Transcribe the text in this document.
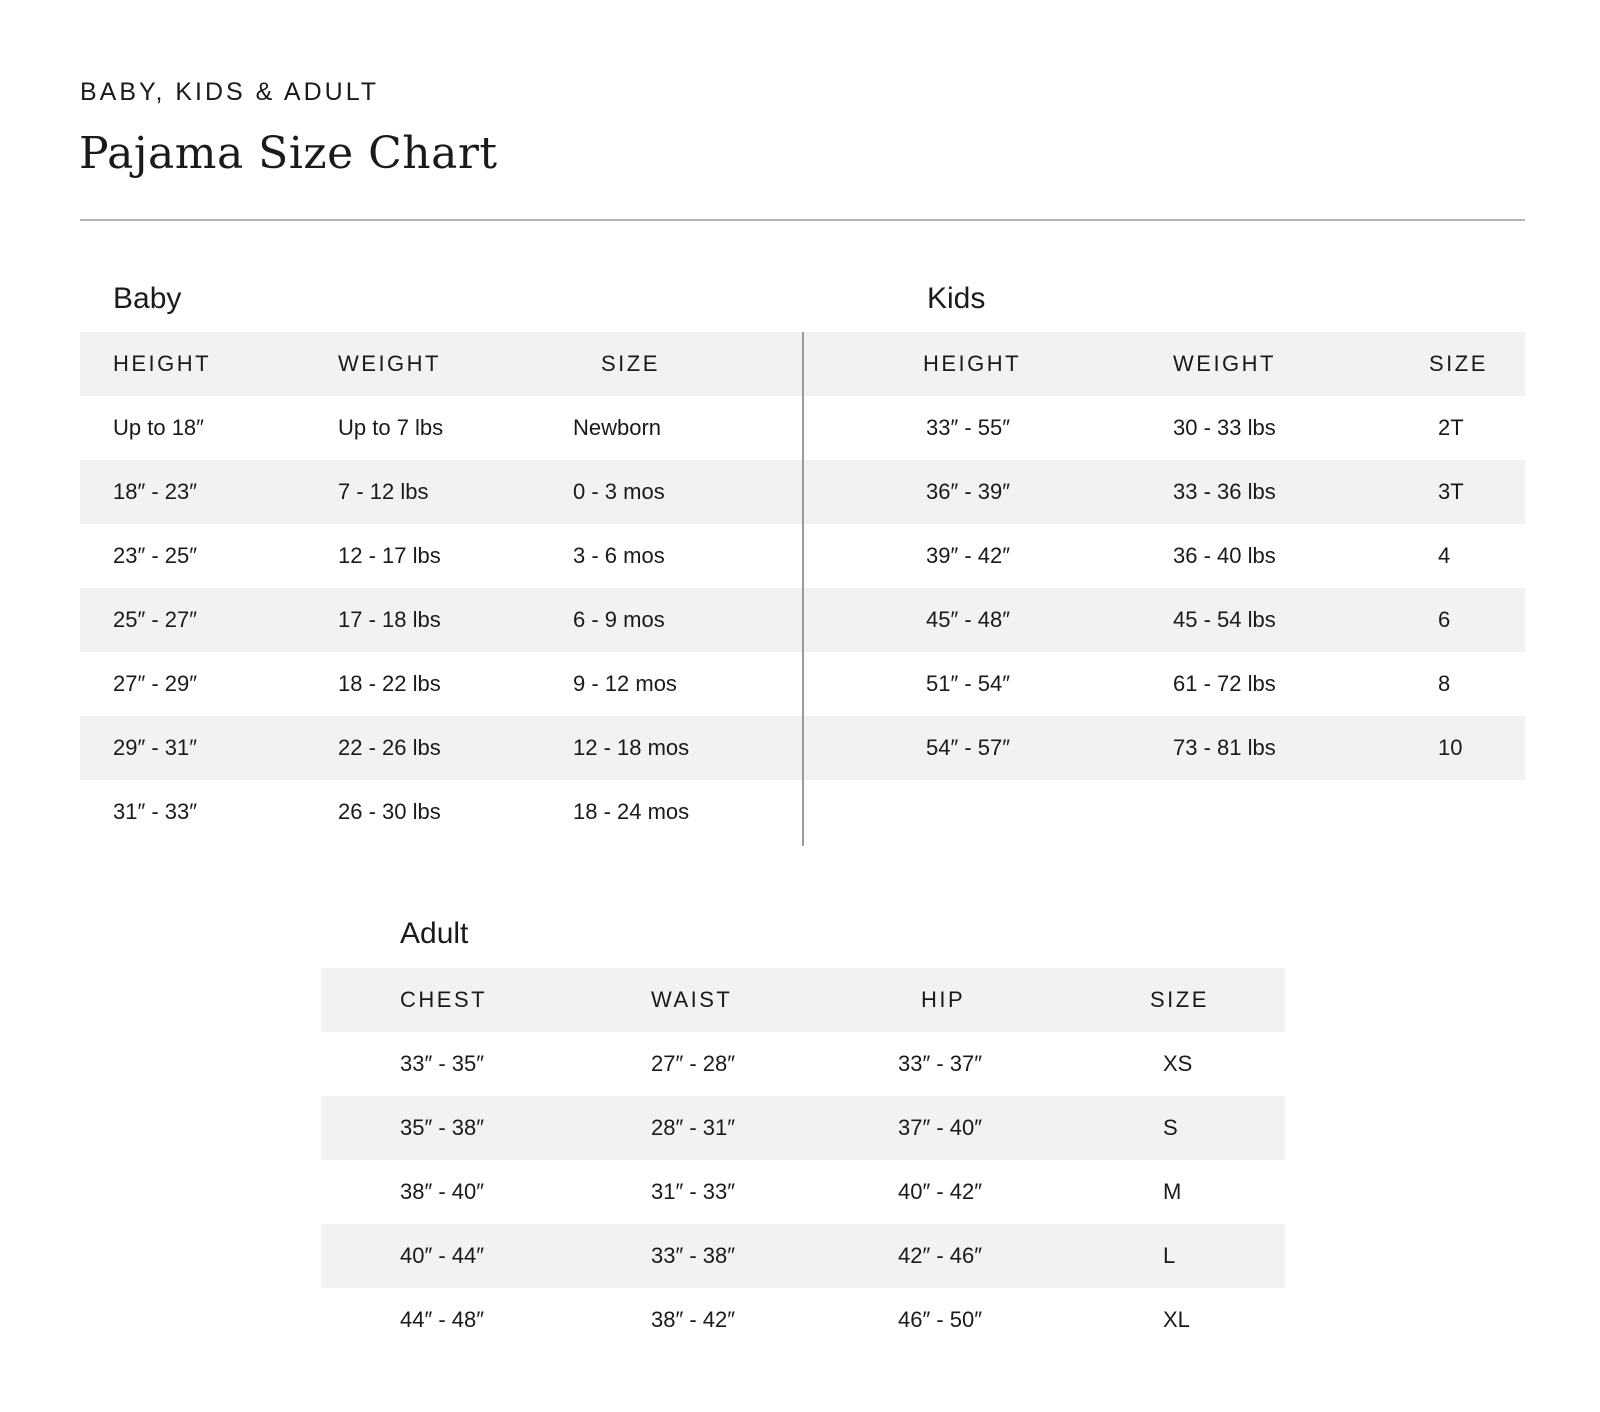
BABY, KIDS & ADULT
Pajama Size Chart
Baby	Kids
HEIGHT	WEIGHT	SIZE
Up to 18″	Up to 7 lbs	Newborn
18″ - 23″	7 - 12 lbs	0 - 3 mos
23″ - 25″	12 - 17 lbs	3 - 6 mos
25″ - 27″	17 - 18 lbs	6 - 9 mos
27″ - 29″	18 - 22 lbs	9 - 12 mos
29″ - 31″	22 - 26 lbs	12 - 18 mos
31″ - 33″	26 - 30 lbs	18 - 24 mos
HEIGHT	WEIGHT	SIZE
33″ - 55″	30 - 33 lbs	2T
36″ - 39″	33 - 36 lbs	3T
39″ - 42″	36 - 40 lbs	4
45″ - 48″	45 - 54 lbs	6
51″ - 54″	61 - 72 lbs	8
54″ - 57″	73 - 81 lbs	10
Adult
CHEST	WAIST	HIP	SIZE
33″ - 35″	27″ - 28″	33″ - 37″	XS
35″ - 38″	28″ - 31″	37″ - 40″	S
38″ - 40″	31″ - 33″	40″ - 42″	M
40″ - 44″	33″ - 38″	42″ - 46″	L
44″ - 48″	38″ - 42″	46″ - 50″	XL
